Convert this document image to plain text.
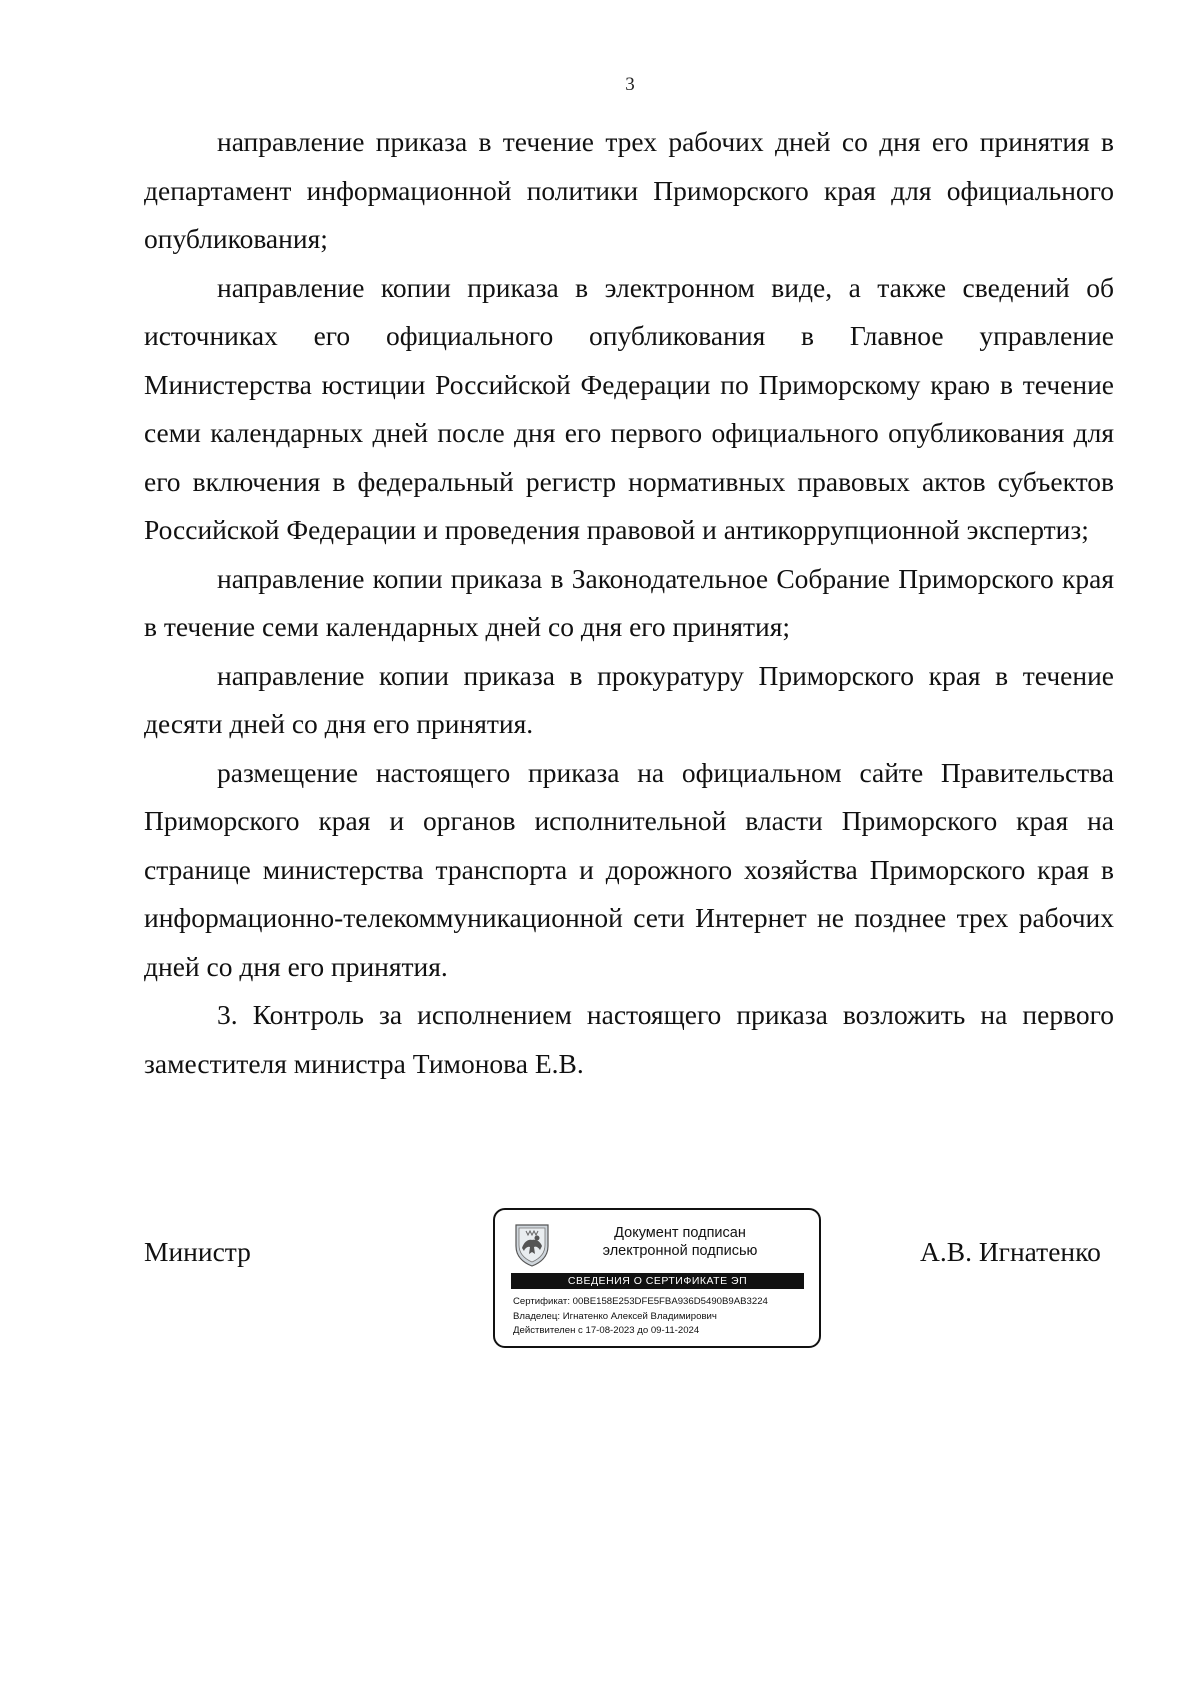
3

направление приказа в течение трех рабочих дней со дня его принятия в департамент информационной политики Приморского края для официального опубликования;

направление копии приказа в электронном виде, а также сведений об источниках его официального опубликования в Главное управление Министерства юстиции Российской Федерации по Приморскому краю в течение семи календарных дней после дня его первого официального опубликования для его включения в федеральный регистр нормативных правовых актов субъектов Российской Федерации и проведения правовой и антикоррупционной экспертиз;

направление копии приказа в Законодательное Собрание Приморского края в течение семи календарных дней со дня его принятия;

направление копии приказа в прокуратуру Приморского края в течение десяти дней со дня его принятия.

размещение настоящего приказа на официальном сайте Правительства Приморского края и органов исполнительной власти Приморского края на странице министерства транспорта и дорожного хозяйства Приморского края в информационно-телекоммуникационной сети Интернет не позднее трех рабочих дней со дня его принятия.

3. Контроль за исполнением настоящего приказа возложить на первого заместителя министра Тимонова Е.В.

Министр	А.В. Игнатенко
Документ подписан
электронной подписью
СВЕДЕНИЯ О СЕРТИФИКАТЕ ЭП
Сертификат: 00BE158E253DFE5FBA936D5490B9AB3224
Владелец: Игнатенко Алексей Владимирович
Действителен с 17-08-2023 до 09-11-2024
